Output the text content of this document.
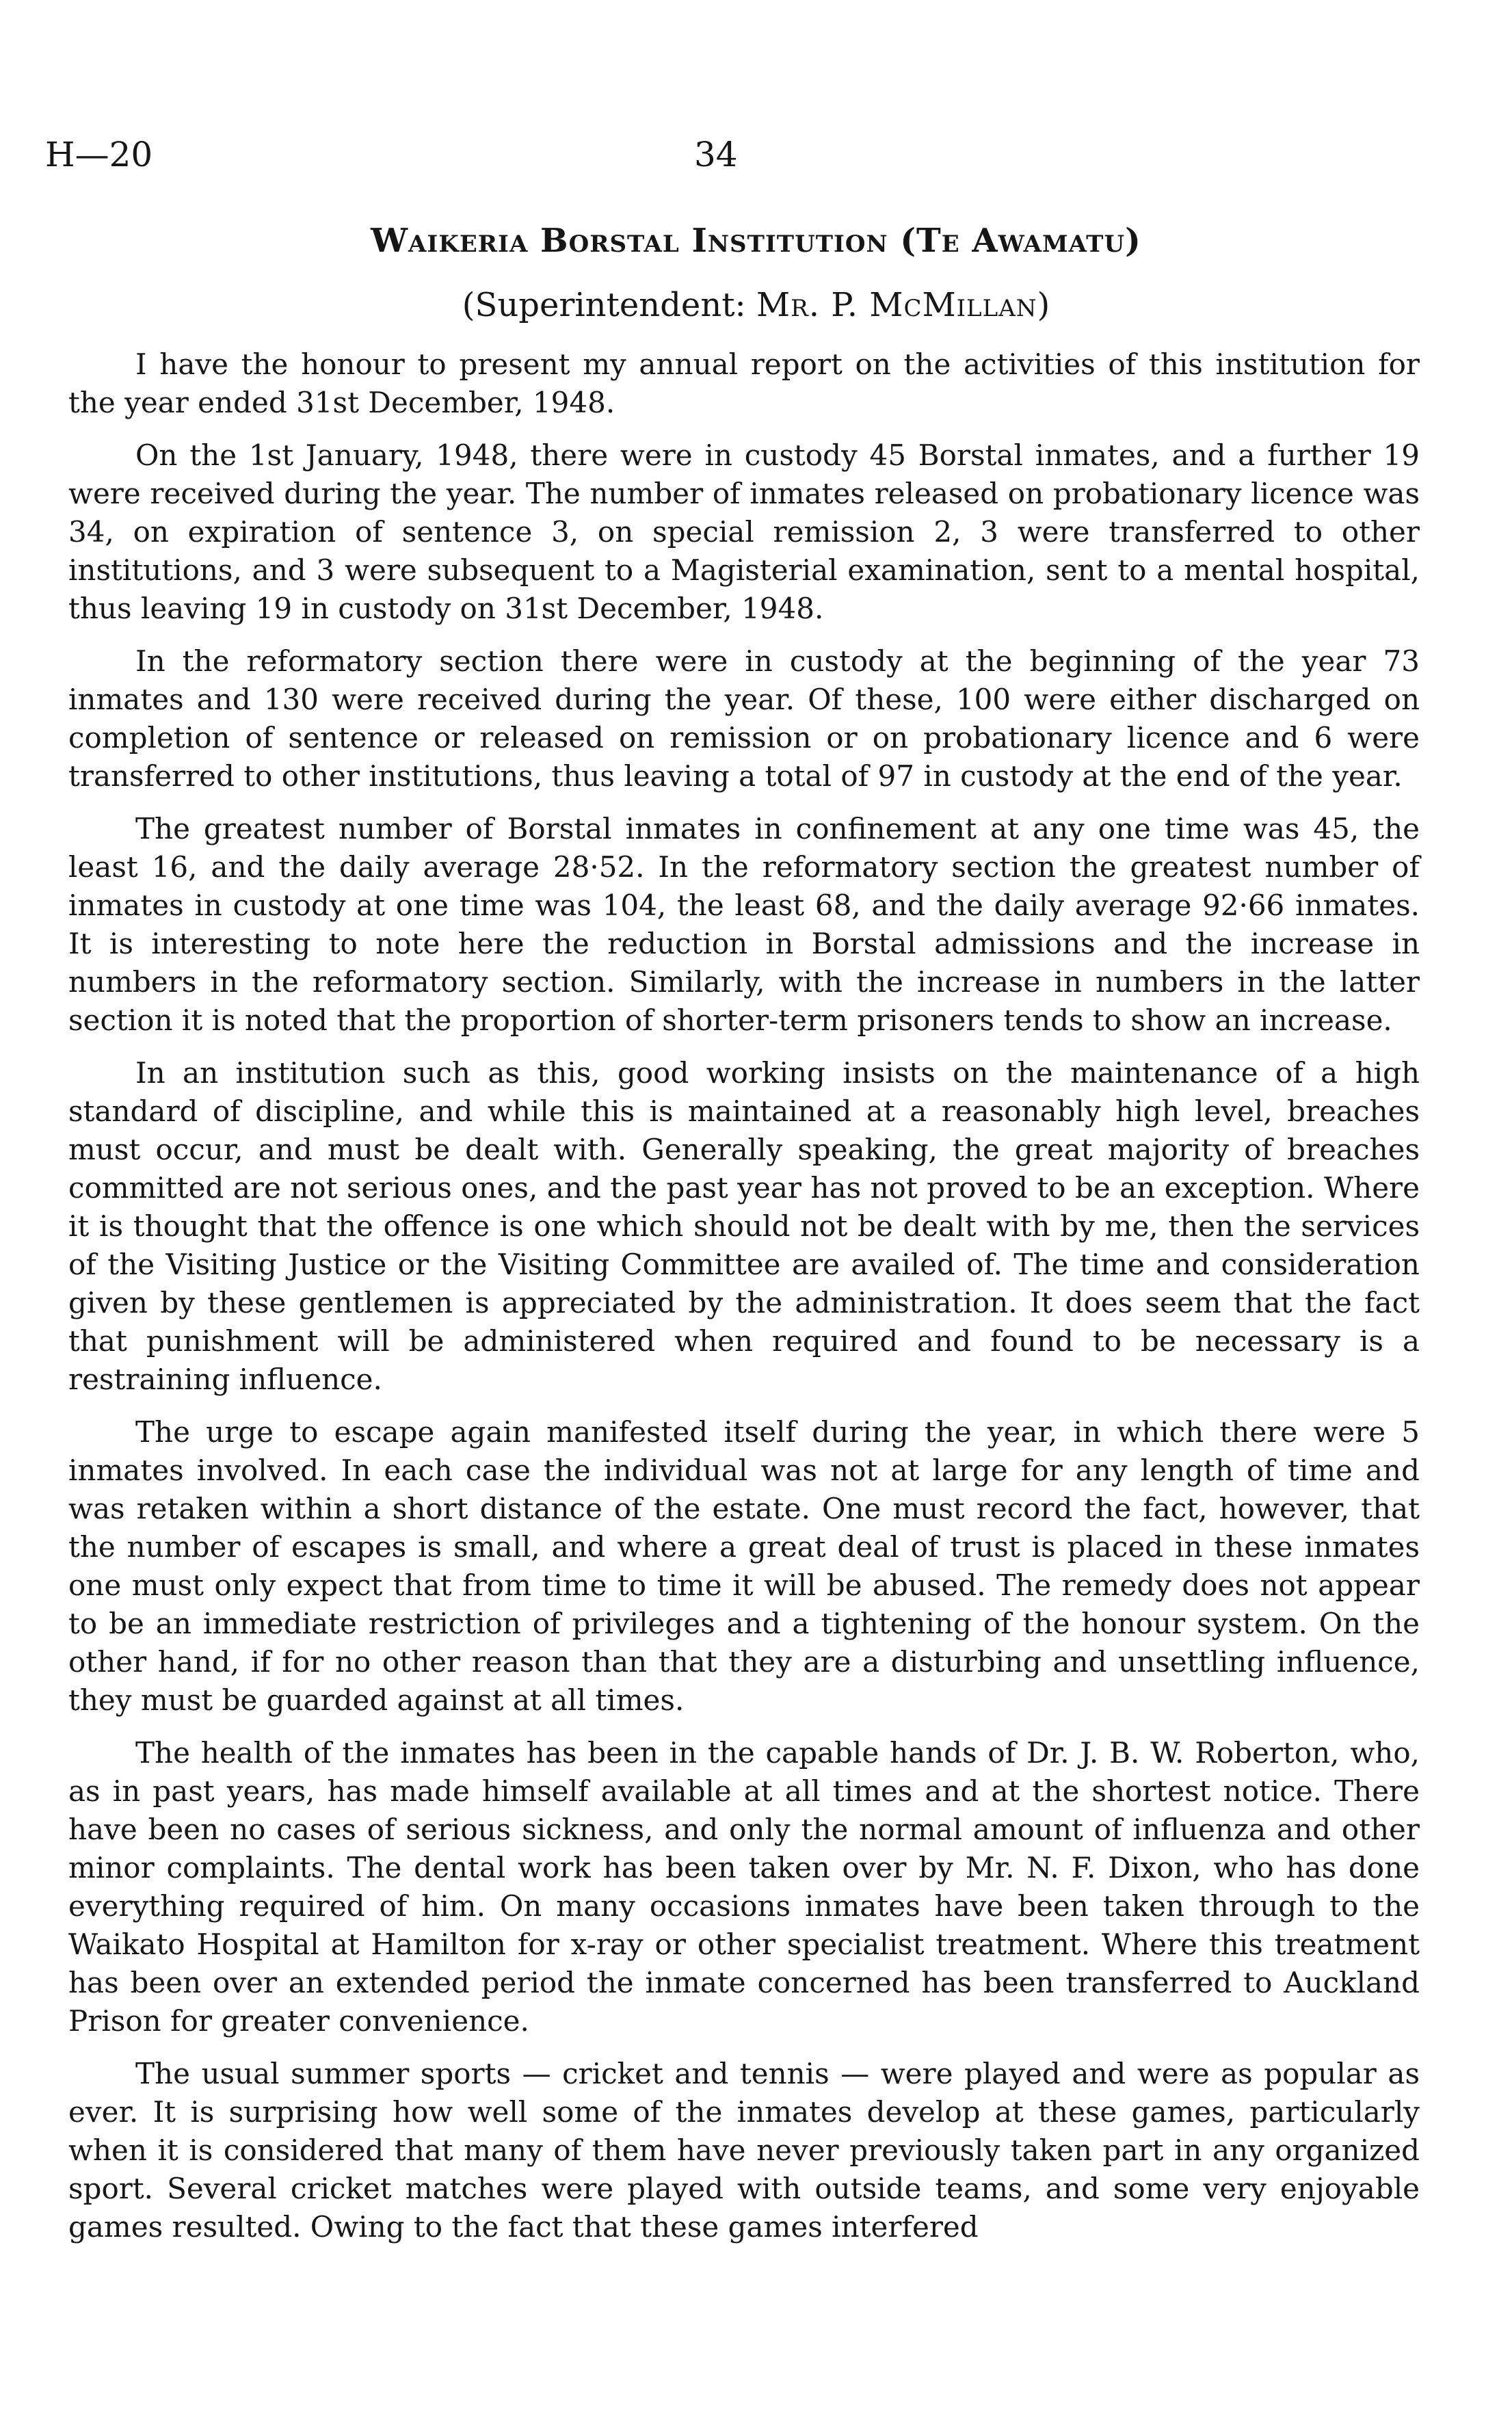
H—20	34
Waikeria Borstal Institution (Te Awamatu)
(Superintendent: Mr. P. McMillan)

I have the honour to present my annual report on the activities of this institution for the year ended 31st December, 1948.

On the 1st January, 1948, there were in custody 45 Borstal inmates, and a further 19 were received during the year. The number of inmates released on probationary licence was 34, on expiration of sentence 3, on special remission 2, 3 were transferred to other institutions, and 3 were subsequent to a Magisterial examination, sent to a mental hospital, thus leaving 19 in custody on 31st December, 1948.

In the reformatory section there were in custody at the beginning of the year 73 inmates and 130 were received during the year. Of these, 100 were either discharged on completion of sentence or released on remission or on probationary licence and 6 were transferred to other institutions, thus leaving a total of 97 in custody at the end of the year.

The greatest number of Borstal inmates in confinement at any one time was 45, the least 16, and the daily average 28·52. In the reformatory section the greatest number of inmates in custody at one time was 104, the least 68, and the daily average 92·66 inmates. It is interesting to note here the reduction in Borstal admissions and the increase in numbers in the reformatory section. Similarly, with the increase in numbers in the latter section it is noted that the proportion of shorter-term prisoners tends to show an increase.

In an institution such as this, good working insists on the maintenance of a high standard of discipline, and while this is maintained at a reasonably high level, breaches must occur, and must be dealt with. Generally speaking, the great majority of breaches committed are not serious ones, and the past year has not proved to be an exception. Where it is thought that the offence is one which should not be dealt with by me, then the services of the Visiting Justice or the Visiting Committee are availed of. The time and consideration given by these gentlemen is appreciated by the administration. It does seem that the fact that punishment will be administered when required and found to be necessary is a restraining influence.

The urge to escape again manifested itself during the year, in which there were 5 inmates involved. In each case the individual was not at large for any length of time and was retaken within a short distance of the estate. One must record the fact, however, that the number of escapes is small, and where a great deal of trust is placed in these inmates one must only expect that from time to time it will be abused. The remedy does not appear to be an immediate restriction of privileges and a tightening of the honour system. On the other hand, if for no other reason than that they are a disturbing and unsettling influence, they must be guarded against at all times.

The health of the inmates has been in the capable hands of Dr. J. B. W. Roberton, who, as in past years, has made himself available at all times and at the shortest notice. There have been no cases of serious sickness, and only the normal amount of influenza and other minor complaints. The dental work has been taken over by Mr. N. F. Dixon, who has done everything required of him. On many occasions inmates have been taken through to the Waikato Hospital at Hamilton for x-ray or other specialist treatment. Where this treatment has been over an extended period the inmate concerned has been transferred to Auckland Prison for greater convenience.

The usual summer sports — cricket and tennis — were played and were as popular as ever. It is surprising how well some of the inmates develop at these games, particularly when it is considered that many of them have never previously taken part in any organized sport. Several cricket matches were played with outside teams, and some very enjoyable games resulted. Owing to the fact that these games interfered
